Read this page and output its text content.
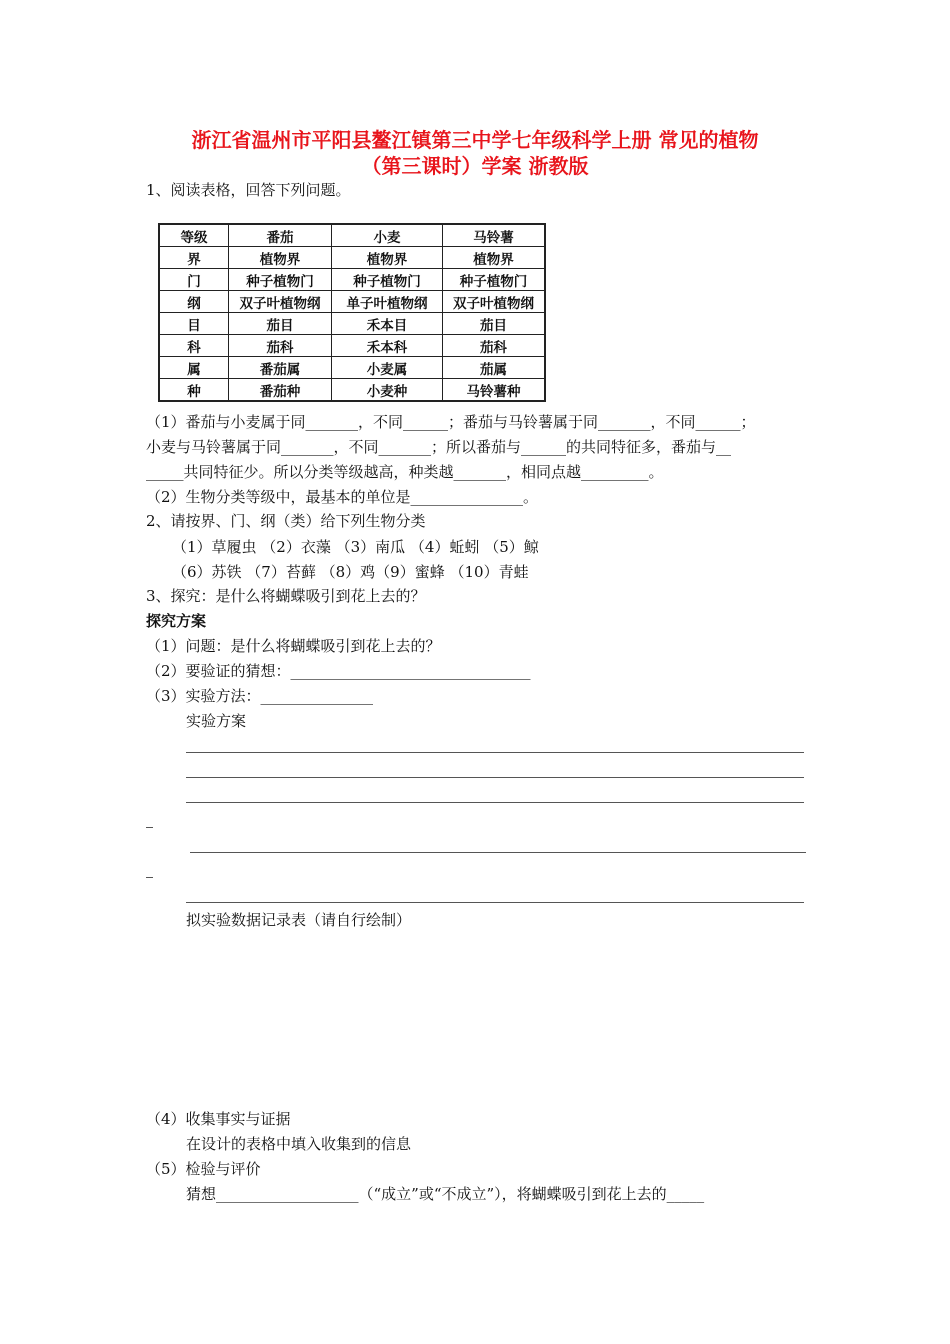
浙江省温州市平阳县鳌江镇第三中学七年级科学上册 常见的植物
（第三课时）学案 浙教版
1、阅读表格，回答下列问题。
等级	番茄	小麦	马铃薯
界	植物界	植物界	植物界
门	种子植物门	种子植物门	种子植物门
纲	双子叶植物纲	单子叶植物纲	双子叶植物纲
目	茄目	禾本目	茄目
科	茄科	禾本科	茄科
属	番茄属	小麦属	茄属
种	番茄种	小麦种	马铃薯种
（1）番茄与小麦属于同_______，不同______；番茄与马铃薯属于同_______，不同______；
小麦与马铃薯属于同_______，不同_______；所以番茄与______的共同特征多，番茄与__
_____共同特征少。所以分类等级越高，种类越_______，相同点越_________。
（2）生物分类等级中，最基本的单位是_______________。
2、请按界、门、纲（类）给下列生物分类
（1）草履虫 （2）衣藻 （3）南瓜 （4）蚯蚓 （5）鲸
（6）苏铁 （7）苔藓 （8）鸡（9）蜜蜂 （10）青蛙
3、探究：是什么将蝴蝶吸引到花上去的？
探究方案
（1）问题：是什么将蝴蝶吸引到花上去的？
（2）要验证的猜想：________________________________
（3）实验方法：_______________
实验方案
拟实验数据记录表（请自行绘制）
（4）收集事实与证据
在设计的表格中填入收集到的信息
（5）检验与评价
猜想___________________（“成立”或“不成立”），将蝴蝶吸引到花上去的_____
